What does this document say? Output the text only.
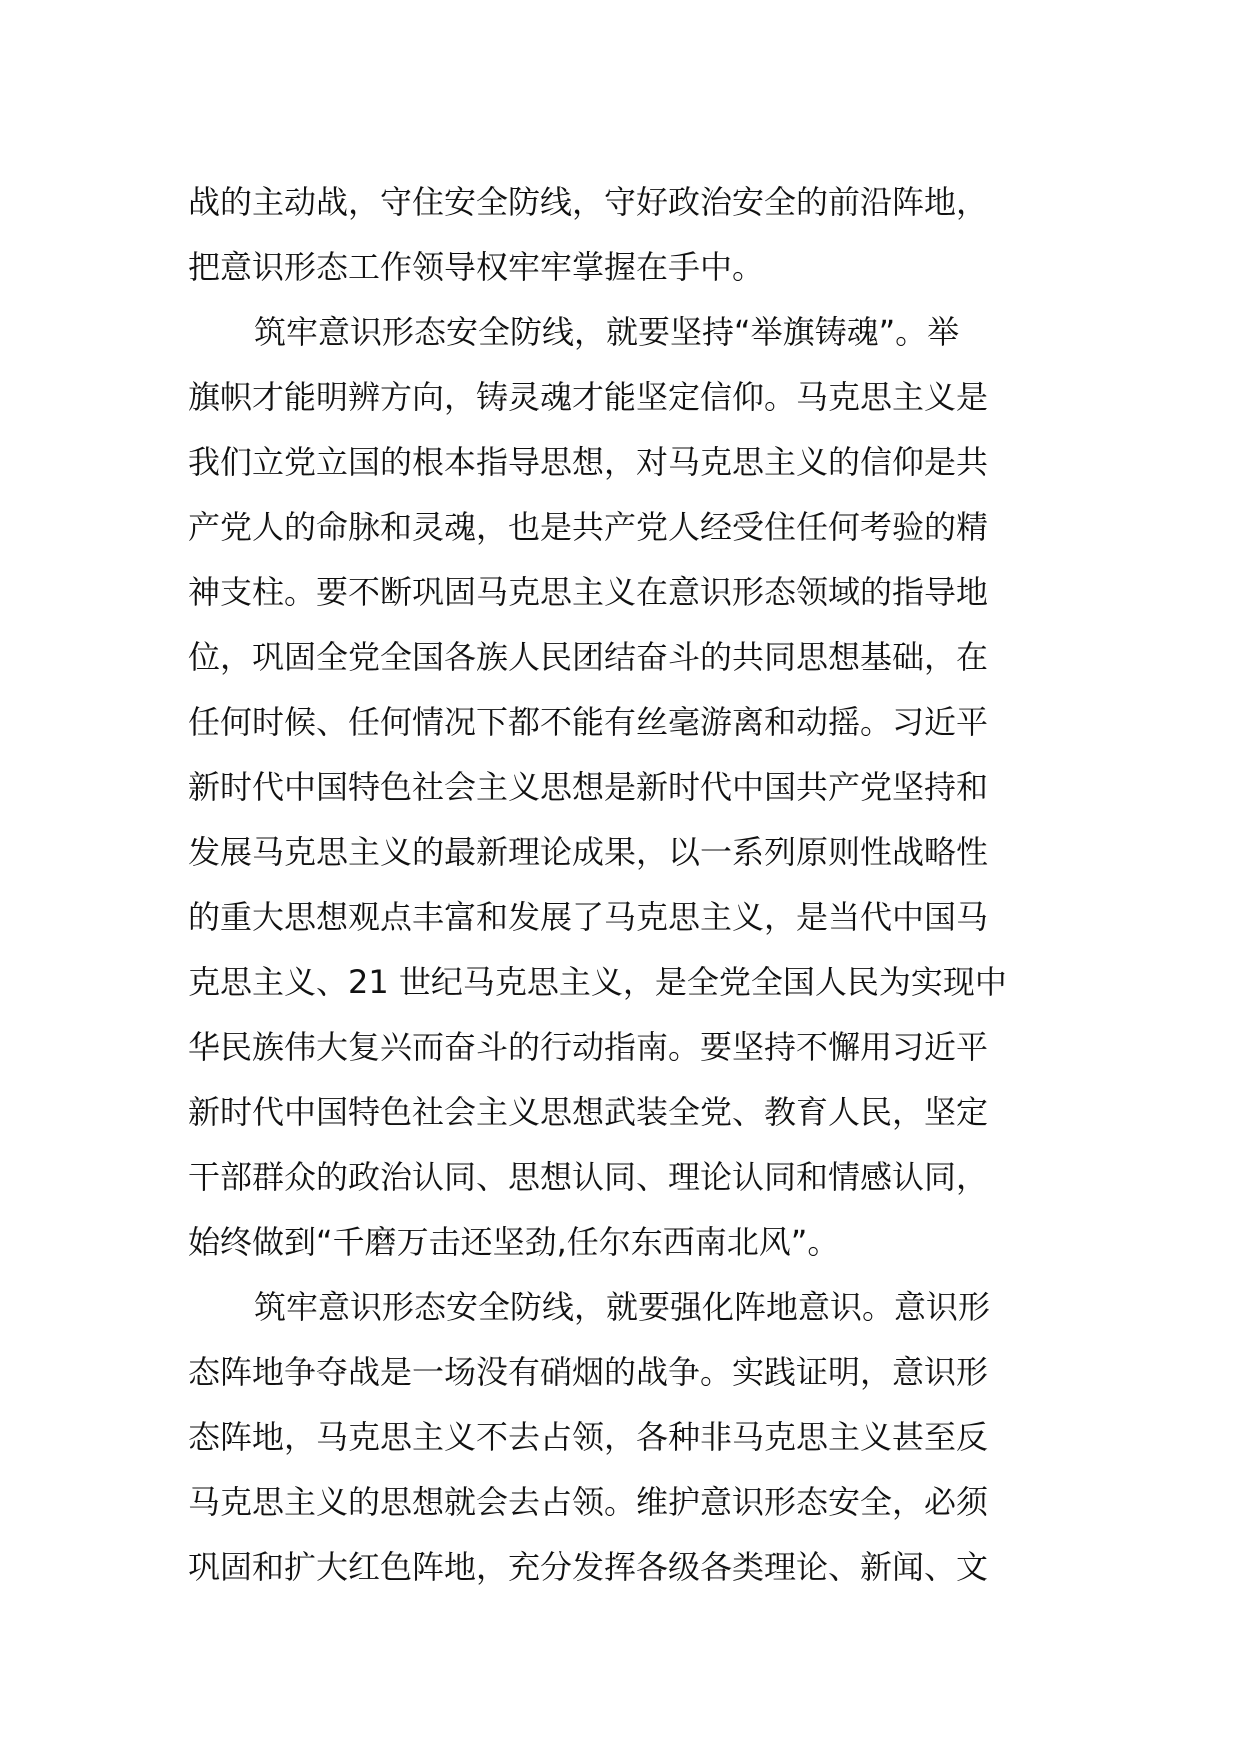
战的主动战，守住安全防线，守好政治安全的前沿阵地，
把意识形态工作领导权牢牢掌握在手中。
筑牢意识形态安全防线，就要坚持“举旗铸魂”。举
旗帜才能明辨方向，铸灵魂才能坚定信仰。马克思主义是
我们立党立国的根本指导思想，对马克思主义的信仰是共
产党人的命脉和灵魂，也是共产党人经受住任何考验的精
神支柱。要不断巩固马克思主义在意识形态领域的指导地
位，巩固全党全国各族人民团结奋斗的共同思想基础，在
任何时候、任何情况下都不能有丝毫游离和动摇。习近平
新时代中国特色社会主义思想是新时代中国共产党坚持和
发展马克思主义的最新理论成果，以一系列原则性战略性
的重大思想观点丰富和发展了马克思主义，是当代中国马
克思主义、21 世纪马克思主义，是全党全国人民为实现中
华民族伟大复兴而奋斗的行动指南。要坚持不懈用习近平
新时代中国特色社会主义思想武装全党、教育人民，坚定
干部群众的政治认同、思想认同、理论认同和情感认同，
始终做到“千磨万击还坚劲,任尔东西南北风”。
筑牢意识形态安全防线，就要强化阵地意识。意识形
态阵地争夺战是一场没有硝烟的战争。实践证明，意识形
态阵地，马克思主义不去占领，各种非马克思主义甚至反
马克思主义的思想就会去占领。维护意识形态安全，必须
巩固和扩大红色阵地，充分发挥各级各类理论、新闻、文
